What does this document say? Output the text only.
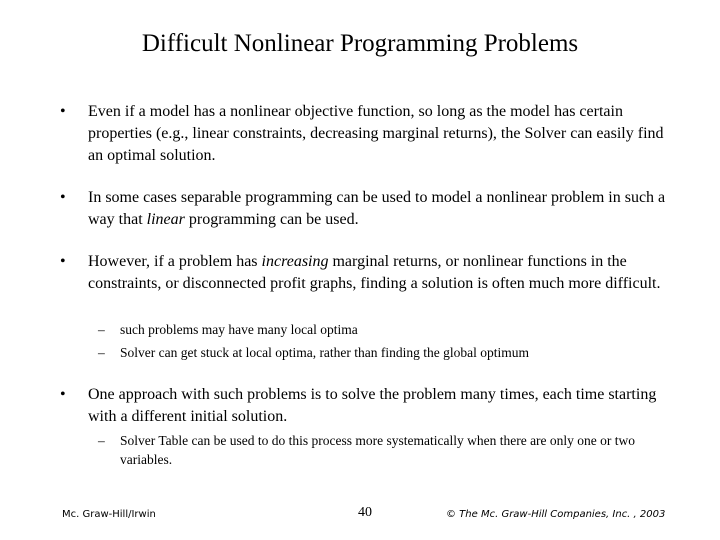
Difficult Nonlinear Programming Problems
•	Even if a model has a nonlinear objective function, so long as the model has certain properties (e.g., linear constraints, decreasing marginal returns), the Solver can easily find an optimal solution.
•	In some cases separable programming can be used to model a nonlinear problem in such a way that linear programming can be used.
•	However, if a problem has increasing marginal returns, or nonlinear functions in the constraints, or disconnected profit graphs, finding a solution is often much more difficult.
– such problems may have many local optima
– Solver can get stuck at local optima, rather than finding the global optimum
•	One approach with such problems is to solve the problem many times, each time starting with a different initial solution.
– Solver Table can be used to do this process more systematically when there are only one or two variables.
Mc. Graw-Hill/Irwin	40	© The Mc. Graw-Hill Companies, Inc. , 2003
